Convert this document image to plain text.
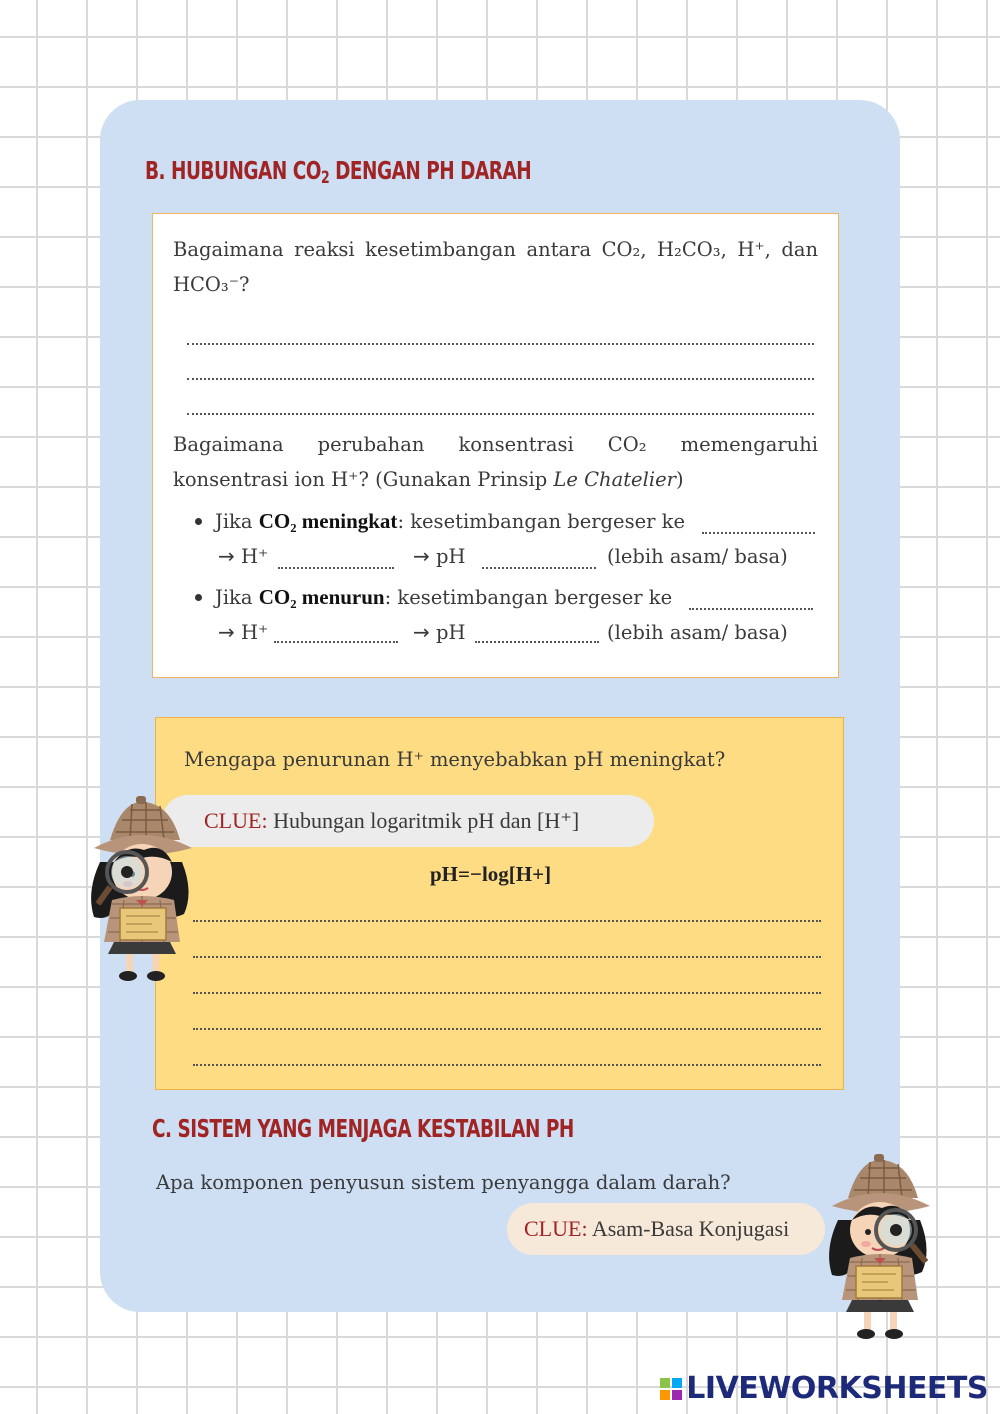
B. HUBUNGAN $CO_2$ DENGAN PH DARAH
Bagaimana reaksi kesetimbangan antara CO₂, H₂CO₃, H⁺, dan
HCO₃⁻?
Bagaimana perubahan konsentrasi CO₂ memengaruhi
konsentrasi ion H⁺? (Gunakan Prinsip Le Chatelier)
Jika CO₂ meningkat: kesetimbangan bergeser ke
→ H⁺	→ pH	(lebih asam/ basa)
Jika CO₂ menurun: kesetimbangan bergeser ke
→ H⁺	→ pH	(lebih asam/ basa)
Mengapa penurunan H⁺ menyebabkan pH meningkat?
CLUE: Hubungan logaritmik pH dan [H⁺]
pH=−log[H+]
C. SISTEM YANG MENJAGA KESTABILAN PH
Apa komponen penyusun sistem penyangga dalam darah?
CLUE: Asam-Basa Konjugasi
LIVEWORKSHEETS
